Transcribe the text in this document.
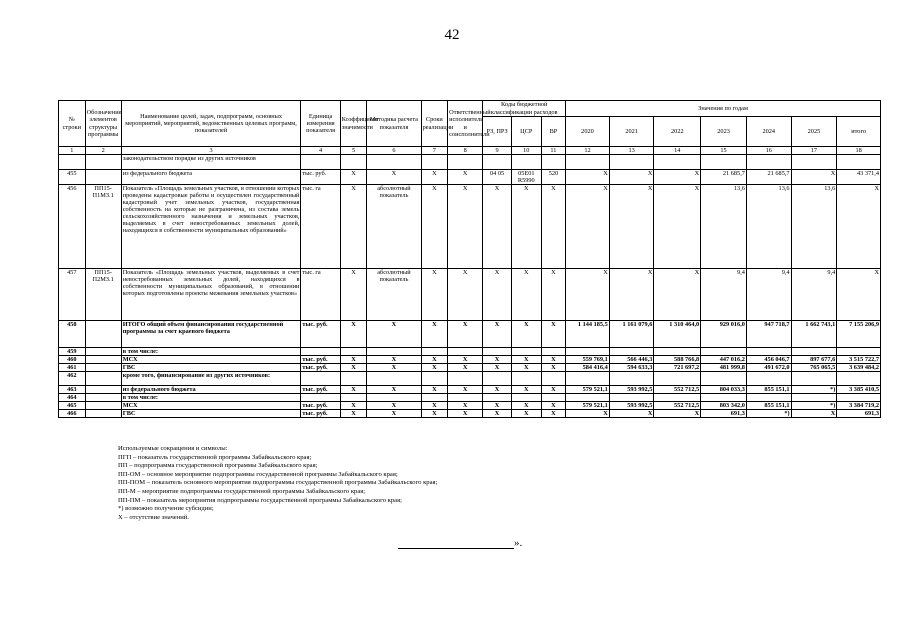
42
№ строки	Обозначение элементов структуры программы	Наименование целей, задач, подпрограмм, основных мероприятий, мероприятий, ведомственных целевых программ, показателей	Единица измерения показателя	Коэффициент значимости	Методика расчета показателя	Сроки реализации	Ответственный исполнитель и соисполнители	Коды бюджетной классификации расходов			Значения по годам						
								РЗ, ПРЗ	ЦСР	ВР	2020	2021	2022	2023	2024	2025	итого
1	2	3	4	5	6	7	8	9	10	11	12	13	14	15	16	17	18
		законодательством порядке из других источников															
455		из федерального бюджета	тыс. руб.	Х	Х	Х	Х	04 05	05Е01 R5990	520	Х	Х	Х	21 685,7	21 685,7	Х	43 371,4
456	ПП15-П1МЗ.1	Показатель «Площадь земельных участков, в отношении которых проведены кадастровые работы и осуществлен государственный кадастровый учет земельных участков, государственная собственность на которые не разграничена, из состава земель сельскохозяйственного назначения и земельных участков, выделяемых в счет невостребованных земельных долей, находящихся в собственности муниципальных образований»	тыс. га	Х	абсолютный показатель	Х	Х	Х	Х	Х	Х	Х	Х	13,6	13,6	13,6	Х
457	ПП15-П2МЗ.1	Показатель «Площадь земельных участков, выделяемых в счет невостребованных земельных долей, находящихся в собственности муниципальных образований, в отношении которых подготовлены проекты межевания земельных участков»	тыс. га	Х	абсолютный показатель	Х	Х	Х	Х	Х	Х	Х	Х	9,4	9,4	9,4	Х
458		ИТОГО общий объем финансирования государственной программы за счет краевого бюджета	тыс. руб.	Х	Х	Х	Х	Х	Х	Х	1 144 185,5	1 161 079,6	1 310 464,0	929 016,0	947 718,7	1 662 743,1	7 155 206,9
459		в том числе:															
460		МСХ	тыс. руб.	Х	Х	Х	Х	Х	Х	Х	559 769,1	566 446,3	588 766,8	447 016,2	456 046,7	897 677,6	3 515 722,7
461		ГВС	тыс. руб.	Х	Х	Х	Х	Х	Х	Х	584 416,4	594 633,3	721 697,2	481 999,8	491 672,0	765 065,5	3 639 484,2
462		кроме того, финансирование из других источников:															
463		из федерального бюджета	тыс. руб.	Х	Х	Х	Х	Х	Х	Х	579 521,1	593 992,5	552 712,5	804 033,3	855 151,1	*)	3 385 410,5
464		в том числе:															
465		МСХ	тыс. руб.	Х	Х	Х	Х	Х	Х	Х	579 521,1	593 992,5	552 712,5	803 342,0	855 151,1	*)	3 384 719,2
466		ГВС	тыс. руб.	Х	Х	Х	Х	Х	Х	Х	Х	Х	Х	691,3	*)	Х	691,3
Используемые сокращения и символы:
ПГП – показатель государственной программы Забайкальского края;
ПП – подпрограмма государственной программы Забайкальского края;
ПП-ОМ – основное мероприятие подпрограммы государственной программы Забайкальского края;
ПП-ПОМ – показатель основного мероприятия подпрограммы государственной программы Забайкальского края;
ПП-М – мероприятие подпрограммы государственной программы Забайкальского края;
ПП-ПМ – показатель мероприятия подпрограммы государственной программы Забайкальского края;
*) возможно получение субсидии;
Х – отсутствие значений.
».
